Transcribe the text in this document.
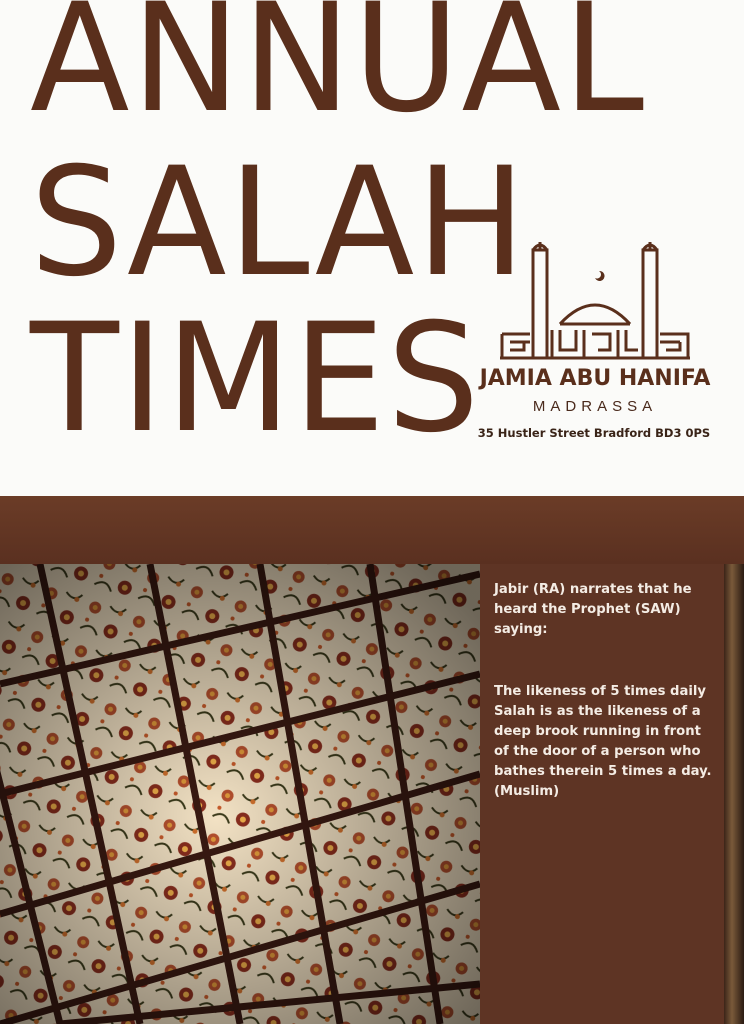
ANNUAL
SALAH
TIMES
JAMIA ABU HANIFA
MADRASSA
35 Hustler Street Bradford BD3 0PS

Jabir (RA) narrates that he heard the Prophet (SAW) saying:

The likeness of 5 times daily Salah is as the likeness of a deep brook running in front of the door of a person who bathes therein 5 times a day. (Muslim)
